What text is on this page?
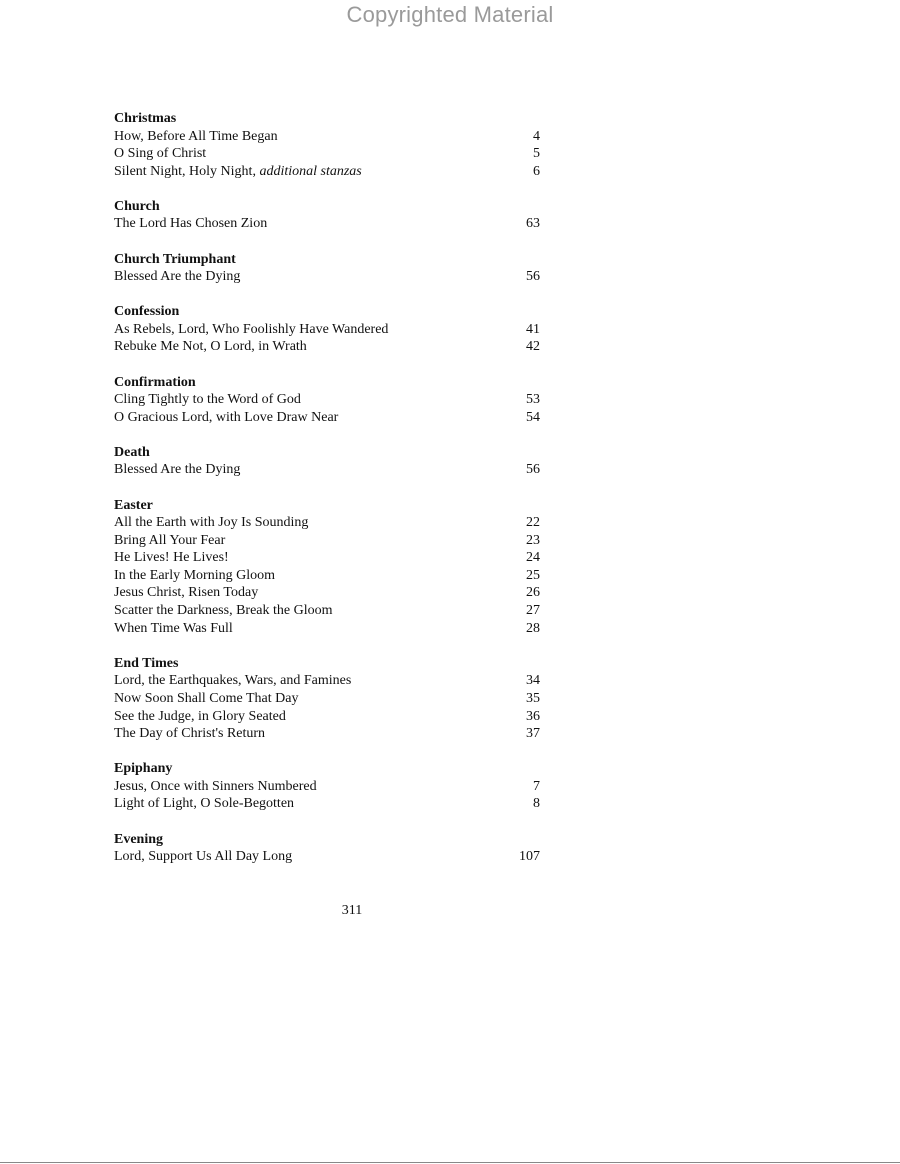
Copyrighted Material
Christmas
How, Before All Time Began	4
O Sing of Christ	5
Silent Night, Holy Night, additional stanzas	6
Church
The Lord Has Chosen Zion	63
Church Triumphant
Blessed Are the Dying	56
Confession
As Rebels, Lord, Who Foolishly Have Wandered	41
Rebuke Me Not, O Lord, in Wrath	42
Confirmation
Cling Tightly to the Word of God	53
O Gracious Lord, with Love Draw Near	54
Death
Blessed Are the Dying	56
Easter
All the Earth with Joy Is Sounding	22
Bring All Your Fear	23
He Lives! He Lives!	24
In the Early Morning Gloom	25
Jesus Christ, Risen Today	26
Scatter the Darkness, Break the Gloom	27
When Time Was Full	28
End Times
Lord, the Earthquakes, Wars, and Famines	34
Now Soon Shall Come That Day	35
See the Judge, in Glory Seated	36
The Day of Christ's Return	37
Epiphany
Jesus, Once with Sinners Numbered	7
Light of Light, O Sole-Begotten	8
Evening
Lord, Support Us All Day Long	107
311
